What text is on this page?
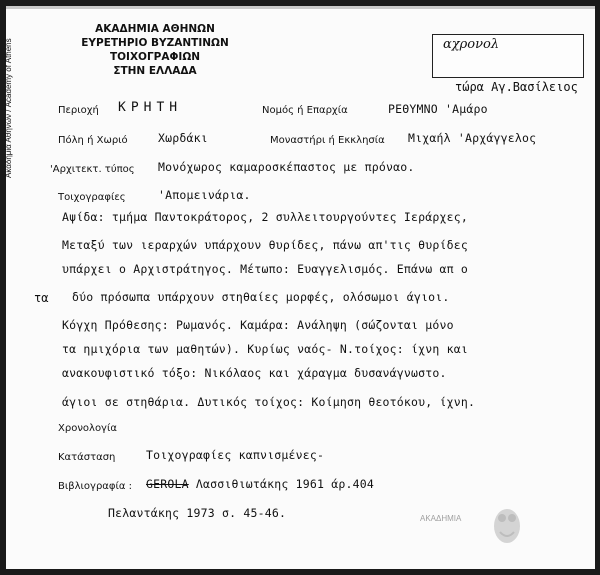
ΑΚΑΔΗΜΙΑ ΑΘΗΝΩΝ
ΕΥΡΕΤΗΡΙΟ ΒΥΖΑΝΤΙΝΩΝ ΤΟΙΧΟΓΡΑΦΙΩΝ
ΣΤΗΝ ΕΛΛΑΔΑ
Ακαδημία Αθηνών / Academy of Athens	αχρονολ
τώρα Αγ.Βασίλειος
Περιοχή ΚΡΗΤΗ	Νομός ή Επαρχία	ΡΕΘΥΜΝΟ 'Αμάρο
Πόλη ή Χωριό	Χωρδάκι	Μοναστήρι ή Εκκλησία Μιχαήλ 'Αρχάγγελος
'Αρχιτεκτ. τύπος Μονόχωρος καμαροσκέπαστος με πρόναο.
Τοιχογραφίες	'Απομεινάρια.
Αψίδα: τμήμα Παντοκράτορος, 2 συλλειτουργούντες Ιεράρχες,
Μεταξύ των ιεραρχών υπάρχουν θυρίδες, πάνω απ'τις θυρίδες
υπάρχει ο Αρχιστράτηγος. Μέτωπο: Ευαγγελισμός. Επάνω απ ο
τα δύο πρόσωπα υπάρχουν στηθαίες μορφές, ολόσωμοι άγιοι.
Κόγχη Πρόθεσης: Ρωμανός. Καμάρα: Ανάληψη (σώζονται μόνο
τα ημιχόρια των μαθητών). Κυρίως ναός- Ν.τοίχος: ίχνη και
ανακουφιστικό τόξο: Νικόλαος και χάραγμα δυσανάγνωστο.
άγιοι σε στηθάρια. Δυτικός τοίχος: Κοίμηση θεοτόκου, ίχνη.
Χρονολογία
Κατάσταση	Τοιχογραφίες καπνισμένες-
Βιβλιογραφία : GEROLA Λασσιθιωτάκης 1961 άρ.404
Πελαντάκης 1973 σ. 45-46.	ΑΚΑΔΗΜΙΑ
